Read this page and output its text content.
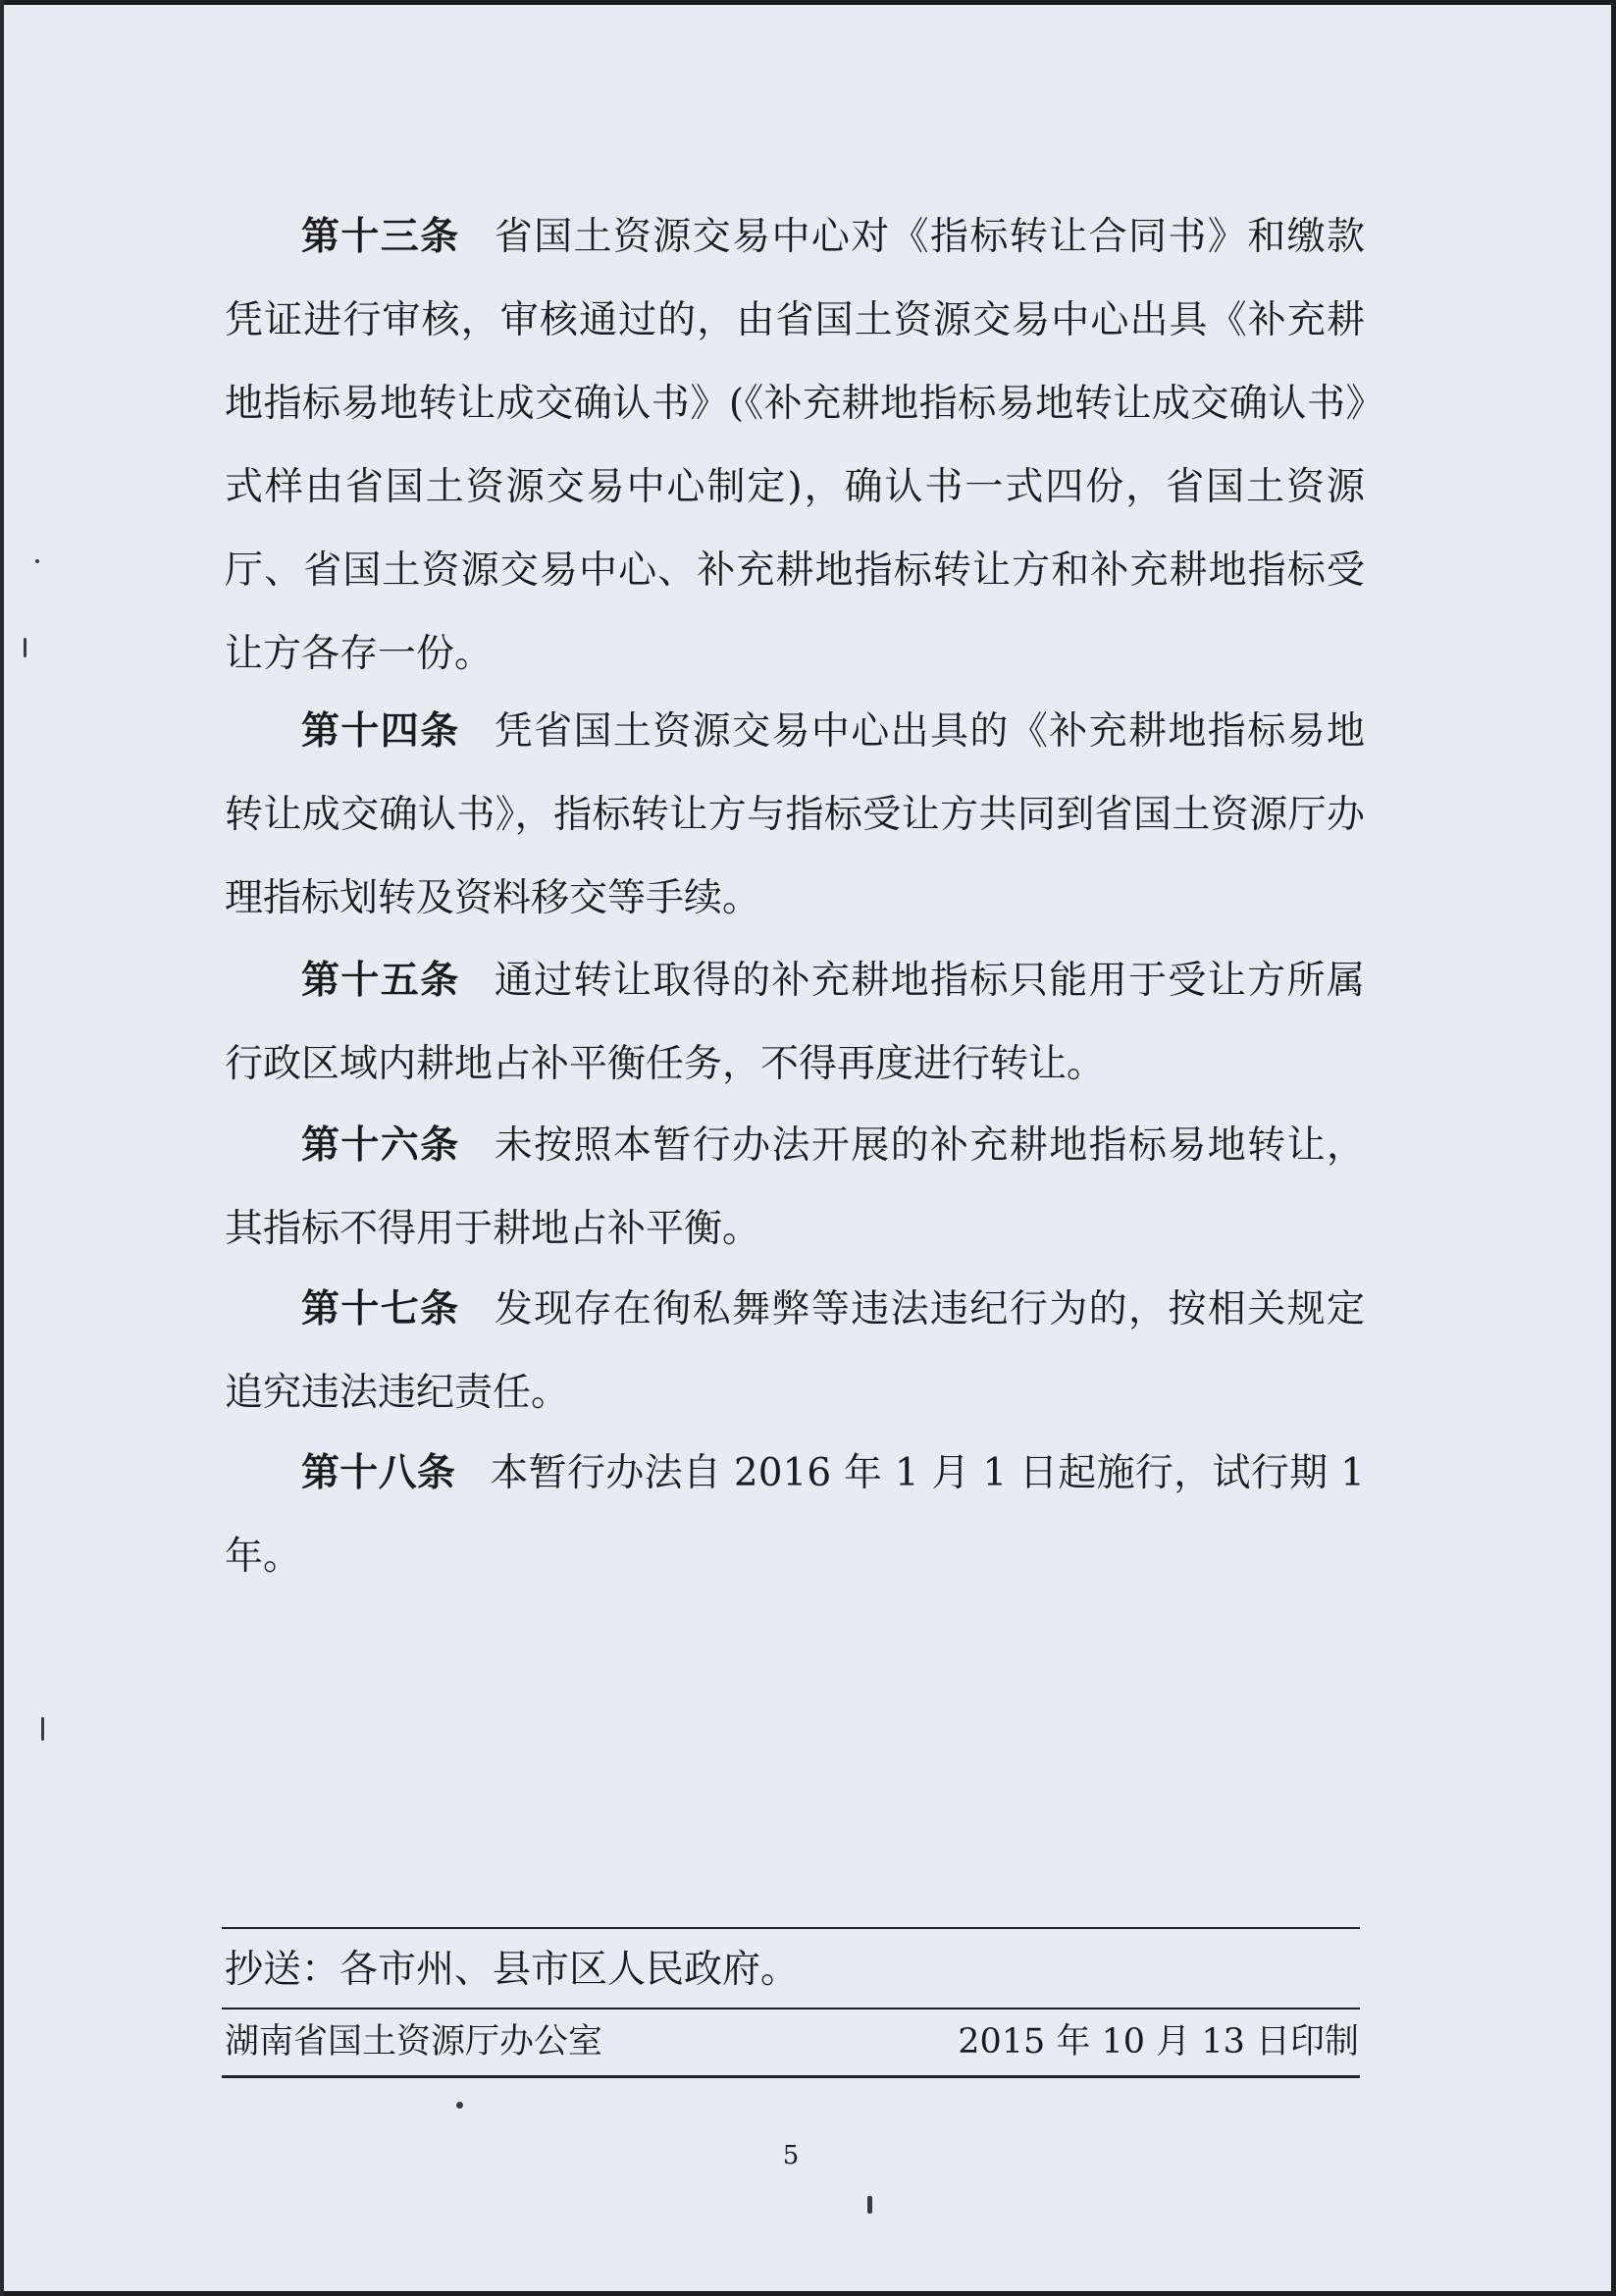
第十三条 省国土资源交易中心对《指标转让合同书》和缴款凭证进行审核，审核通过的，由省国土资源交易中心出具《补充耕地指标易地转让成交确认书》(《补充耕地指标易地转让成交确认书》式样由省国土资源交易中心制定)，确认书一式四份，省国土资源厅、省国土资源交易中心、补充耕地指标转让方和补充耕地指标受让方各存一份。

第十四条 凭省国土资源交易中心出具的《补充耕地指标易地转让成交确认书》，指标转让方与指标受让方共同到省国土资源厅办理指标划转及资料移交等手续。

第十五条 通过转让取得的补充耕地指标只能用于受让方所属行政区域内耕地占补平衡任务，不得再度进行转让。

第十六条 未按照本暂行办法开展的补充耕地指标易地转让，其指标不得用于耕地占补平衡。

第十七条 发现存在徇私舞弊等违法违纪行为的，按相关规定追究违法违纪责任。

第十八条 本暂行办法自 2016 年 1 月 1 日起施行，试行期 1 年。

抄送：各市州、县市区人民政府。
湖南省国土资源厅办公室	2015 年 10 月 13 日印制
5
